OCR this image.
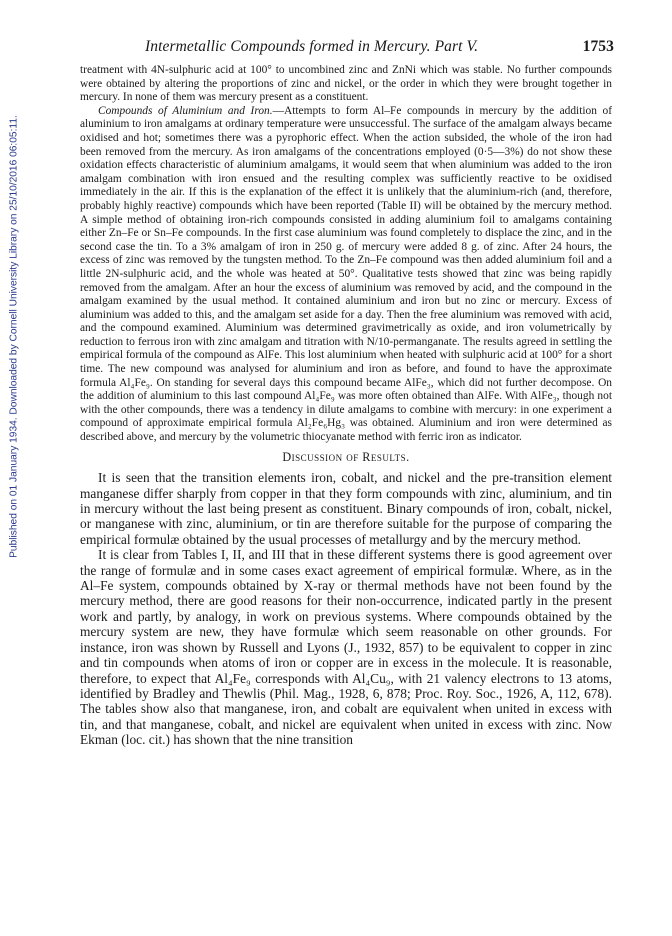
Intermetallic Compounds formed in Mercury. Part V.	1753
Published on 01 January 1934. Downloaded by Cornell University Library on 25/10/2016 06:05:11.

treatment with 4N-sulphuric acid at 100° to uncombined zinc and ZnNi which was stable. No further compounds were obtained by altering the proportions of zinc and nickel, or the order in which they were brought together in mercury. In none of them was mercury present as a constituent.

Compounds of Aluminium and Iron.—Attempts to form Al–Fe compounds in mercury by the addition of aluminium to iron amalgams at ordinary temperature were unsuccessful. The surface of the amalgam always became oxidised and hot; sometimes there was a pyrophoric effect. When the action subsided, the whole of the iron had been removed from the mercury. As iron amalgams of the concentrations employed (0·5—3%) do not show these oxidation effects characteristic of aluminium amalgams, it would seem that when aluminium was added to the iron amalgam combination with iron ensued and the resulting complex was sufficiently reactive to be oxidised immediately in the air. If this is the explanation of the effect it is unlikely that the aluminium-rich (and, therefore, probably highly reactive) compounds which have been reported (Table II) will be obtained by the mercury method. A simple method of obtaining iron-rich compounds consisted in adding aluminium foil to amalgams containing either Zn–Fe or Sn–Fe compounds. In the first case aluminium was found completely to displace the zinc, and in the second case the tin. To a 3% amalgam of iron in 250 g. of mercury were added 8 g. of zinc. After 24 hours, the excess of zinc was removed by the tungsten method. To the Zn–Fe compound was then added aluminium foil and a little 2N-sulphuric acid, and the whole was heated at 50°. Qualitative tests showed that zinc was being rapidly removed from the amalgam. After an hour the excess of aluminium was removed by acid, and the compound in the amalgam examined by the usual method. It contained aluminium and iron but no zinc or mercury. Excess of aluminium was added to this, and the amalgam set aside for a day. Then the free aluminium was removed with acid, and the compound examined. Aluminium was determined gravimetrically as oxide, and iron volumetrically by reduction to ferrous iron with zinc amalgam and titration with N/10-permanganate. The results agreed in settling the empirical formula of the compound as AlFe. This lost aluminium when heated with sulphuric acid at 100° for a short time. The new compound was analysed for aluminium and iron as before, and found to have the approximate formula Al₄Fe₉. On standing for several days this compound became AlFe₃, which did not further decompose. On the addition of aluminium to this last compound Al₄Fe₉ was more often obtained than AlFe. With AlFe₃, though not with the other compounds, there was a tendency in dilute amalgams to combine with mercury: in one experiment a compound of approximate empirical formula Al₂Fe₆Hg₃ was obtained. Aluminium and iron were determined as described above, and mercury by the volumetric thiocyanate method with ferric iron as indicator.

Discussion of Results.

It is seen that the transition elements iron, cobalt, and nickel and the pre-transition element manganese differ sharply from copper in that they form compounds with zinc, aluminium, and tin in mercury without the last being present as constituent. Binary compounds of iron, cobalt, nickel, or manganese with zinc, aluminium, or tin are therefore suitable for the purpose of comparing the empirical formulæ obtained by the usual processes of metallurgy and by the mercury method.

It is clear from Tables I, II, and III that in these different systems there is good agreement over the range of formulæ and in some cases exact agreement of empirical formulæ. Where, as in the Al–Fe system, compounds obtained by X-ray or thermal methods have not been found by the mercury method, there are good reasons for their non-occurrence, indicated partly in the present work and partly, by analogy, in work on previous systems. Where compounds obtained by the mercury system are new, they have formulæ which seem reasonable on other grounds. For instance, iron was shown by Russell and Lyons (J., 1932, 857) to be equivalent to copper in zinc and tin compounds when atoms of iron or copper are in excess in the molecule. It is reasonable, therefore, to expect that Al₄Fe₉ corresponds with Al₄Cu₉, with 21 valency electrons to 13 atoms, identified by Bradley and Thewlis (Phil. Mag., 1928, 6, 878; Proc. Roy. Soc., 1926, A, 112, 678). The tables show also that manganese, iron, and cobalt are equivalent when united in excess with tin, and that manganese, cobalt, and nickel are equivalent when united in excess with zinc. Now Ekman (loc. cit.) has shown that the nine transition
